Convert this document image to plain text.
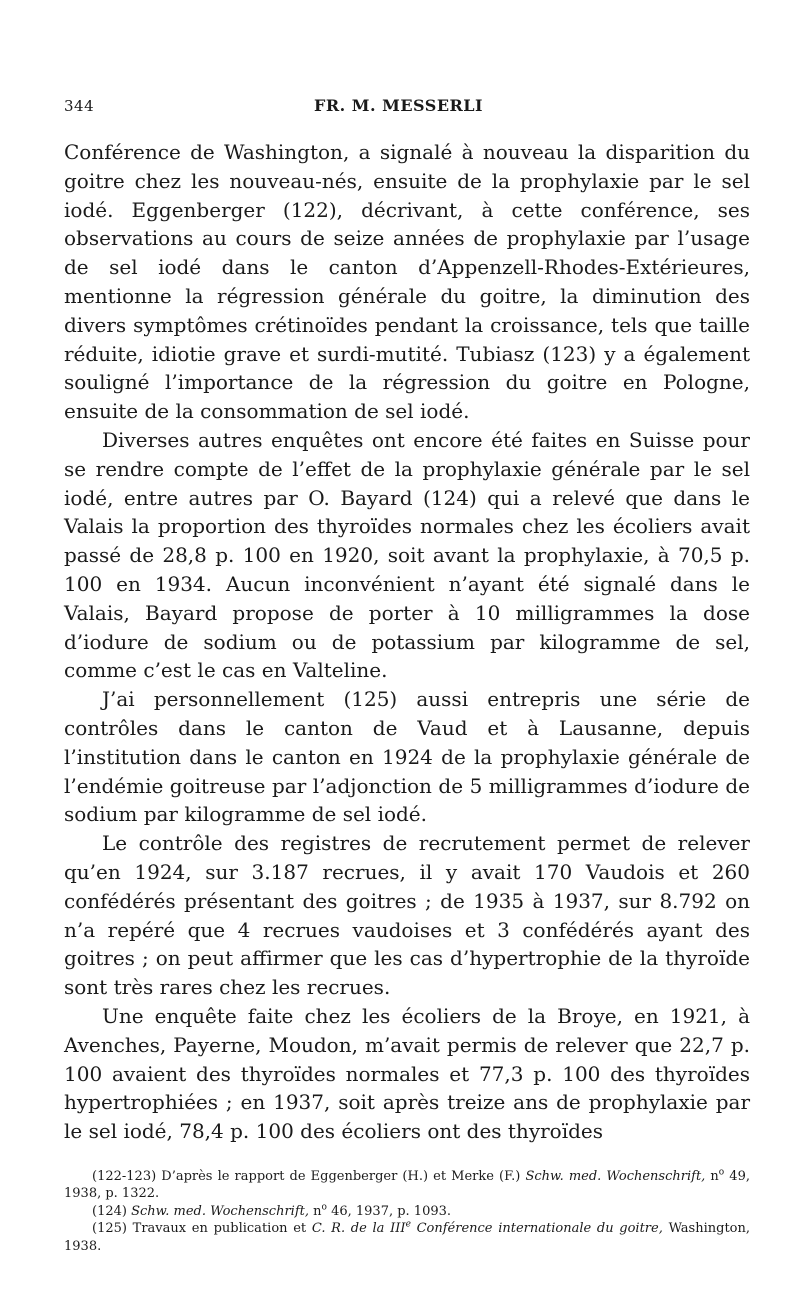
344	FR. M. MESSERLI

Conférence de Washington, a signalé à nouveau la disparition du goitre chez les nouveau-nés, ensuite de la prophylaxie par le sel iodé. Eggenberger (122), décrivant, à cette conférence, ses observations au cours de seize années de prophylaxie par l’usage de sel iodé dans le canton d’Appenzell-Rhodes-Extérieures, mentionne la régression générale du goitre, la diminution des divers symptômes crétinoïdes pendant la croissance, tels que taille réduite, idiotie grave et surdi-mutité. Tubiasz (123) y a également souligné l’importance de la régression du goitre en Pologne, ensuite de la consommation de sel iodé.

Diverses autres enquêtes ont encore été faites en Suisse pour se rendre compte de l’effet de la prophylaxie générale par le sel iodé, entre autres par O. Bayard (124) qui a relevé que dans le Valais la proportion des thyroïdes normales chez les écoliers avait passé de 28,8 p. 100 en 1920, soit avant la prophylaxie, à 70,5 p. 100 en 1934. Aucun inconvénient n’ayant été signalé dans le Valais, Bayard propose de porter à 10 milligrammes la dose d’iodure de sodium ou de potassium par kilogramme de sel, comme c’est le cas en Valteline.

J’ai personnellement (125) aussi entrepris une série de contrôles dans le canton de Vaud et à Lausanne, depuis l’institution dans le canton en 1924 de la prophylaxie générale de l’endémie goitreuse par l’adjonction de 5 milligrammes d’iodure de sodium par kilogramme de sel iodé.

Le contrôle des registres de recrutement permet de relever qu’en 1924, sur 3.187 recrues, il y avait 170 Vaudois et 260 confédérés présentant des goitres ; de 1935 à 1937, sur 8.792 on n’a repéré que 4 recrues vaudoises et 3 confédérés ayant des goitres ; on peut affirmer que les cas d’hypertrophie de la thyroïde sont très rares chez les recrues.

Une enquête faite chez les écoliers de la Broye, en 1921, à Avenches, Payerne, Moudon, m’avait permis de relever que 22,7 p. 100 avaient des thyroïdes normales et 77,3 p. 100 des thyroïdes hypertrophiées ; en 1937, soit après treize ans de prophylaxie par le sel iodé, 78,4 p. 100 des écoliers ont des thyroïdes

(122-123) D’après le rapport de Eggenberger (H.) et Merke (F.) Schw. med. Wochenschrift, $n^o$ 49, 1938, p. 1322.

(124) Schw. med. Wochenschrift, $n^o$ 46, 1937, p. 1093.

(125) Travaux en publication et C. R. de la IIIe Conférence internationale du goitre, Washington, 1938.
